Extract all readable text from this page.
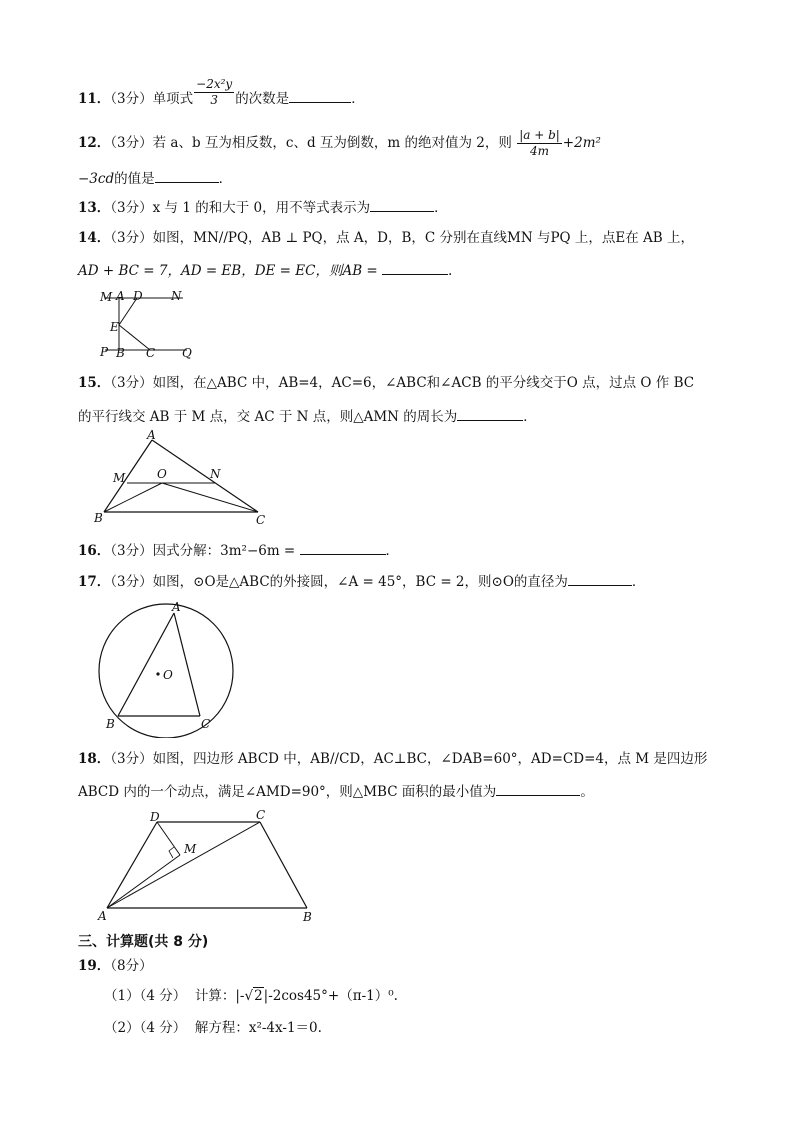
11．（3分）单项式 $\frac{\text{−2x²y}}{3}$ 的次数是	．
12．（3分）若 a、b 互为相反数，c、d 互为倒数，m 的绝对值为 2，则 $\frac{|a + b|}{4m} +2m^2$
−3cd的值是	．
13．（3分）x 与 1 的和大于 0，用不等式表示为	．
14．（3分）如图，MN//PQ，AB ⊥ PQ，点 A，D，B，C 分别在直线MN 与PQ 上，点E在 AB 上，
AD + BC = 7，AD = EB，DE = EC，则AB =	.
M A D N
E
P B C Q
15．（3分）如图，在△ABC 中，AB=4，AC=6，∠ABC和∠ACB 的平分线交于O 点，过点 O 作 BC
的平行线交 AB 于 M 点，交 AC 于 N 点，则△AMN 的周长为	．
A
M	O	N
B	C
16．（3分）因式分解：3m²−6m =	．
17．（3分）如图，⊙O是△ABC的外接圆，∠A = 45°，BC = 2，则⊙O的直径为	．
A
O
B	C
18．（3分）如图，四边形 ABCD 中，AB//CD，AC⊥BC，∠DAB=60°，AD=CD=4，点 M 是四边形
ABCD 内的一个动点，满足∠AMD=90°，则△MBC 面积的最小值为	。
D	C
M
A	B
三、计算题(共 8 分)
19．（8分）
（1）（4 分） 计算：|-√2|-2cos45°+（π-1）⁰.
（2）（4 分） 解方程：x²-4x-1＝0.
